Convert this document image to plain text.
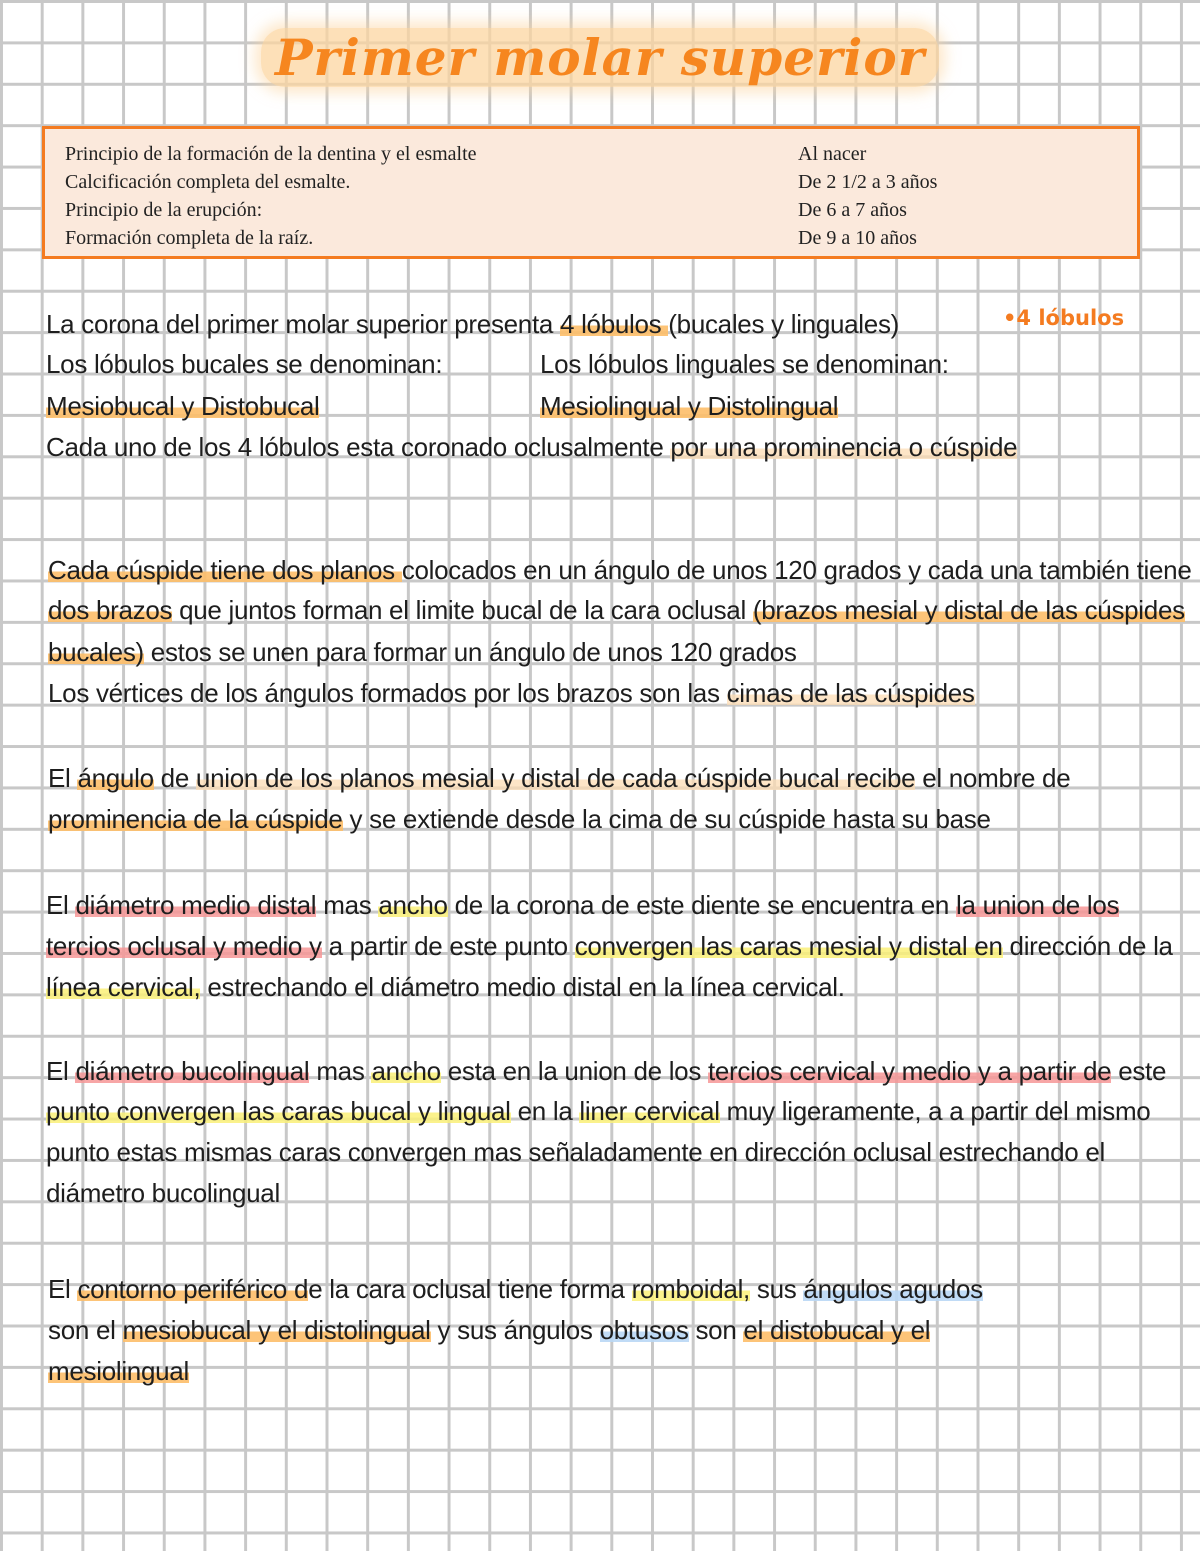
Primer molar superior
Principio de la formación de la dentina y el esmalte	Al nacer
Calcificación completa del esmalte.	De 2 1/2 a 3 años
Principio de la erupción:	De 6 a 7 años
Formación completa de la raíz.	De 9 a 10 años

•4 lóbulos

La corona del primer molar superior presenta 4 lóbulos (bucales y linguales)

Los lóbulos bucales se denominan:	Los lóbulos linguales se denominan:

Mesiobucal y Distobucal	Mesiolingual y Distolingual

Cada uno de los 4 lóbulos esta coronado oclusalmente por una prominencia o cúspide

Cada cúspide tiene dos planos colocados en un ángulo de unos 120 grados y cada una también tiene

dos brazos que juntos forman el limite bucal de la cara oclusal (brazos mesial y distal de las cúspides

bucales) estos se unen para formar un ángulo de unos 120 grados

Los vértices de los ángulos formados por los brazos son las cimas de las cúspides

El ángulo de union de los planos mesial y distal de cada cúspide bucal recibe el nombre de

prominencia de la cúspide y se extiende desde la cima de su cúspide hasta su base

El diámetro medio distal mas ancho de la corona de este diente se encuentra en la union de los

tercios oclusal y medio y a partir de este punto convergen las caras mesial y distal en dirección de la

línea cervical, estrechando el diámetro medio distal en la línea cervical.

El diámetro bucolingual mas ancho esta en la union de los tercios cervical y medio y a partir de este

punto convergen las caras bucal y lingual en la liner cervical muy ligeramente, a a partir del mismo

punto estas mismas caras convergen mas señaladamente en dirección oclusal estrechando el

diámetro bucolingual

El contorno periférico de la cara oclusal tiene forma romboidal, sus ángulos agudos

son el mesiobucal y el distolingual y sus ángulos obtusos son el distobucal y el

mesiolingual
